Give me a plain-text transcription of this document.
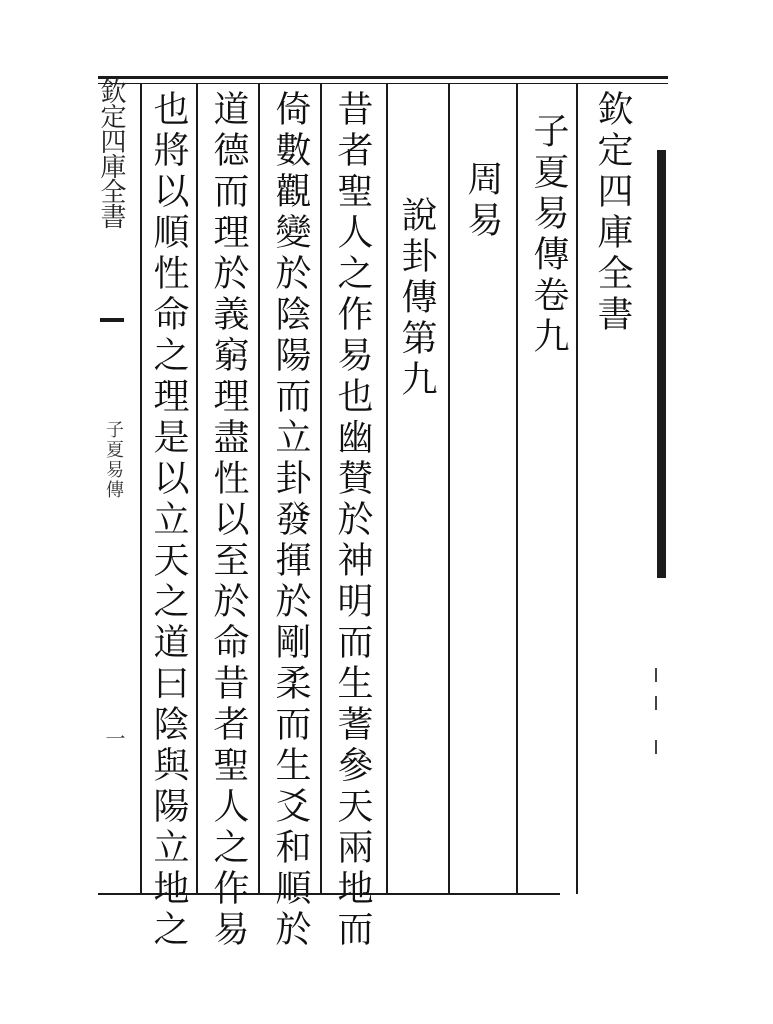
欽定四庫全書
子夏易傳
一
欽定四庫全書
子夏易傳卷九
周易
說卦傳第九
昔者聖人之作易也幽賛於神明而生蓍參天兩地而
倚數觀變於陰陽而立卦發揮於剛柔而生爻和順於
道德而理於義窮理盡性以至於命昔者聖人之作易
也將以順性命之理是以立天之道曰陰與陽立地之
